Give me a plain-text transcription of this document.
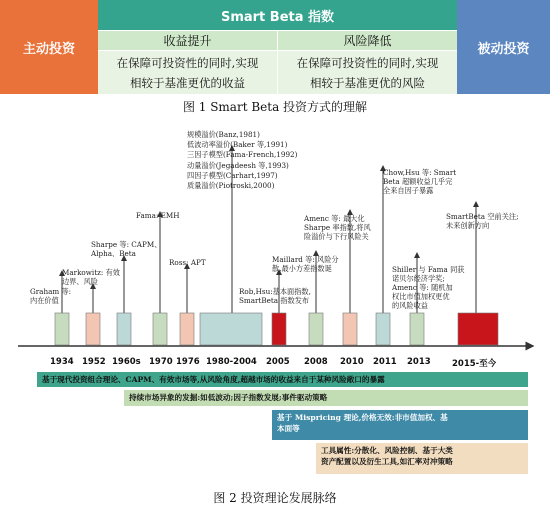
主动投资
Smart Beta 指数
收益提升	风险降低
在保障可投资性的同时,实现
相较于基准更优的收益
在保障可投资性的同时,实现
相较于基准更优的风险
被动投资
图 1 Smart Beta 投资方式的理解
1934 1952 1960s 1970 1976 1980-2004 2005 2008 2010 2011 2013	2015-至今
Graham 等:
内在价值
Markowitz: 有效
边界、风险
Sharpe 等: CAPM、
Alpha、Beta
Fama: EMH
Ross: APT
规模溢价(Banz,1981)
低波动率溢价(Baker 等,1991)
三因子模型(Fama-French,1992)
动量溢价(Jegadeesh 等,1993)
四因子模型(Carhart,1997)
质量溢价(Piotroski,2000)
Rob,Hsu:基本面指数,
SmartBeta 指数发布
Maillard 等: 风险分
散,最小方差指数诞
Amenc 等: 最大化
Sharpe 率指数,将风
险溢价与下行风险关
Chow,Hsu 等: Smart
Beta 超额收益几乎完
全来自因子暴露
Shiller 与 Fama 同获
诺贝尔经济学奖;
Amenc 等: 随机加
权比市值加权更优
的风险收益
SmartBeta 空前关注;
未来创新方向
基于现代投资组合理论、CAPM、有效市场等,从风险角度,超越市场的收益来自于某种风险敞口的暴露
持续市场异象的发掘:如低波动;因子指数发展;事件驱动策略
基于 Mispricing 理论,价格无效:非市值加权、基
本面等
工具属性:分散化、风险控制、基于大类
资产配置以及衍生工具,如汇率对冲策略
图 2 投资理论发展脉络
